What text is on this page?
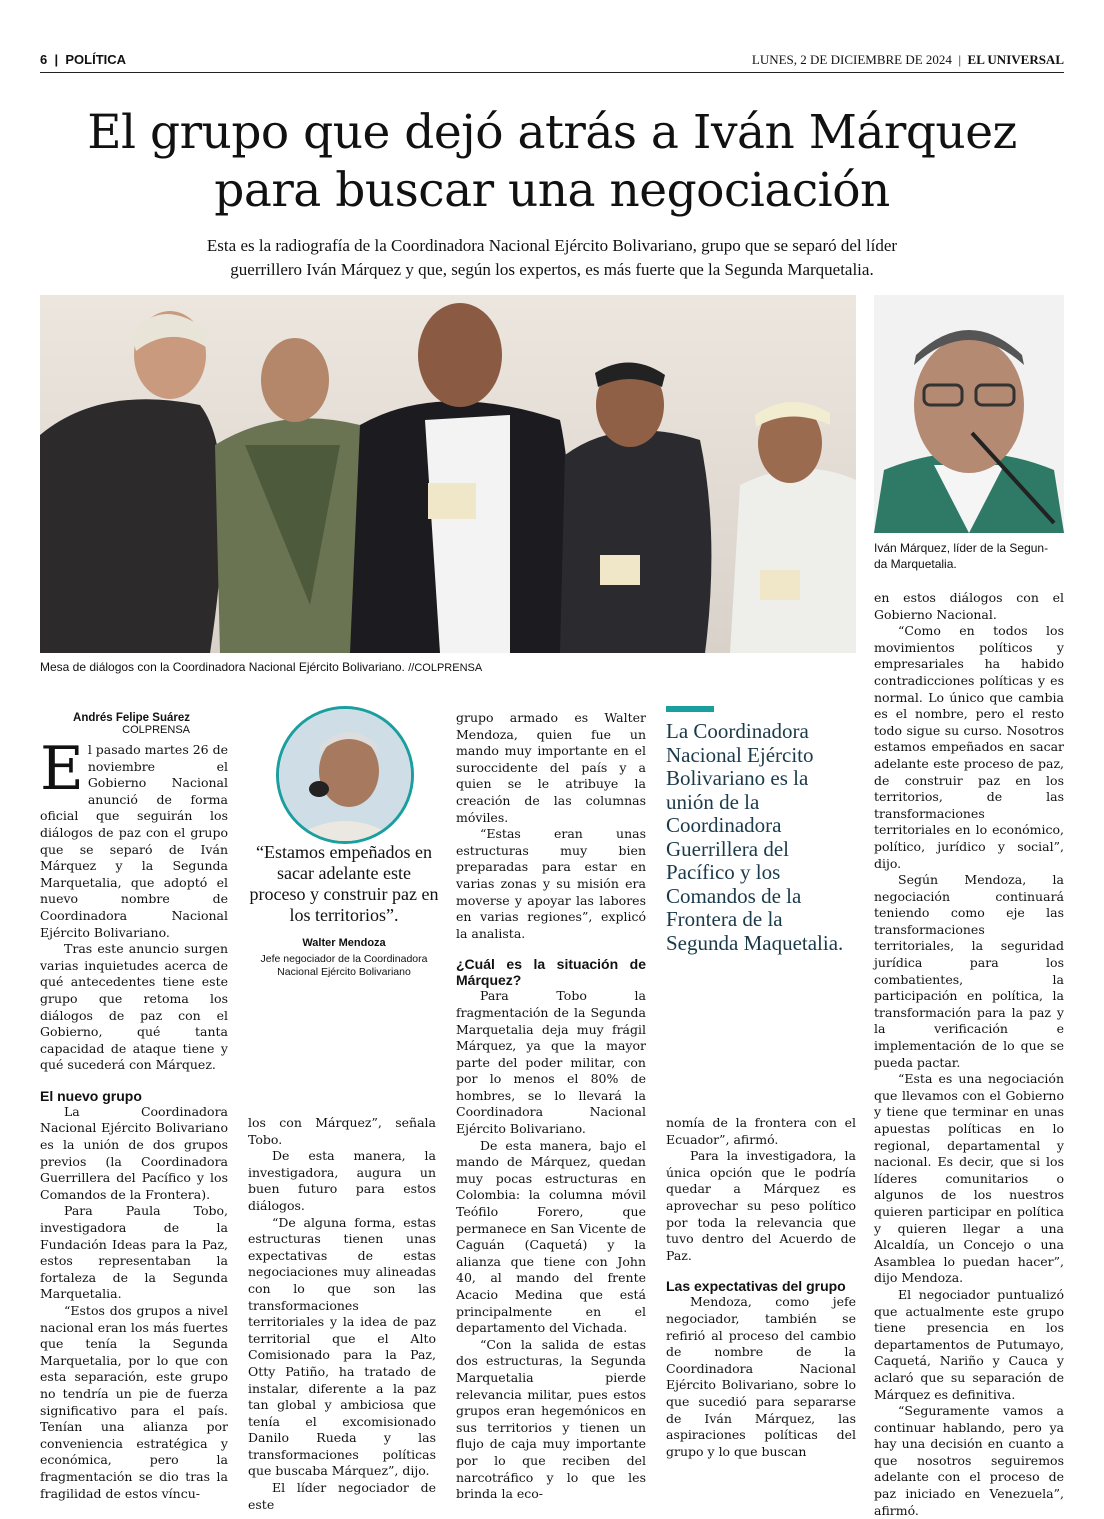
6  |  POLÍTICA	LUNES, 2 DE DICIEMBRE DE 2024  |  EL UNIVERSAL
El grupo que dejó atrás a Iván Márquez
para buscar una negociación
Esta es la radiografía de la Coordinadora Nacional Ejército Bolivariano, grupo que se separó del líder
guerrillero Iván Márquez y que, según los expertos, es más fuerte que la Segunda Marquetalia.
Mesa de diálogos con la Coordinadora Nacional Ejército Bolivariano. //COLPRENSA
Iván Márquez, líder de la Segun-
da Marquetalia.
Andrés Felipe Suárez
COLPRENSA

El pasado martes 26 de noviembre el Gobierno Nacional anunció de forma oficial que seguirán los diálogos de paz con el grupo que se separó de Iván Márquez y la Segunda Marquetalia, que adoptó el nuevo nombre de Coordinadora Nacional Ejército Bolivariano.

Tras este anuncio surgen varias inquietudes acerca de qué antecedentes tiene este grupo que retoma los diálogos de paz con el Gobierno, qué tanta capacidad de ataque tiene y qué sucederá con Márquez.

El nuevo grupo

La Coordinadora Nacional Ejército Bolivariano es la unión de dos grupos previos (la Coordinadora Guerrillera del Pacífico y los Comandos de la Frontera).

Para Paula Tobo, investigadora de la Fundación Ideas para la Paz, estos representaban la fortaleza de la Segunda Marquetalia.

“Estos dos grupos a nivel nacional eran los más fuertes que tenía la Segunda Marquetalia, por lo que con esta separación, este grupo no tendría un pie de fuerza significativo para el país. Tenían una alianza por conveniencia estratégica y económica, pero la fragmentación se dio tras la fragilidad de estos víncu-

“Estamos empeñados en sacar adelante este proceso y construir paz en los territorios”.
Walter Mendoza
Jefe negociador de la Coordinadora
Nacional Ejército Bolivariano

los con Márquez”, señala Tobo.

De esta manera, la investigadora, augura un buen futuro para estos diálogos.

“De alguna forma, estas estructuras tienen unas expectativas de estas negociaciones muy alineadas con lo que son las transformaciones territoriales y la idea de paz territorial que el Alto Comisionado para la Paz, Otty Patiño, ha tratado de instalar, diferente a la paz tan global y ambiciosa que tenía el excomisionado Danilo Rueda y las transformaciones políticas que buscaba Márquez”, dijo.

El líder negociador de este

grupo armado es Walter Mendoza, quien fue un mando muy importante en el suroccidente del país y a quien se le atribuye la creación de las columnas móviles.

“Estas eran unas estructuras muy bien preparadas para estar en varias zonas y su misión era moverse y apoyar las labores en varias regiones”, explicó la analista.

¿Cuál es la situación de Márquez?

Para Tobo la fragmentación de la Segunda Marquetalia deja muy frágil Márquez, ya que la mayor parte del poder militar, con por lo menos el 80% de hombres, se lo llevará la Coordinadora Nacional Ejército Bolivariano.

De esta manera, bajo el mando de Márquez, quedan muy pocas estructuras en Colombia: la columna móvil Teófilo Forero, que permanece en San Vicente de Caguán (Caquetá) y la alianza que tiene con John 40, al mando del frente Acacio Medina que está principalmente en el departamento del Vichada.

“Con la salida de estas dos estructuras, la Segunda Marquetalia pierde relevancia militar, pues estos grupos eran hegemónicos en sus territorios y tienen un flujo de caja muy importante por lo que reciben del narcotráfico y lo que les brinda la eco-

La Coordinadora Nacional Ejército Bolivariano es la unión de la Coordinadora Guerrillera del Pacífico y los Comandos de la Frontera de la Segunda Maquetalia.

nomía de la frontera con el Ecuador”, afirmó.

Para la investigadora, la única opción que le podría quedar a Márquez es aprovechar su peso político por toda la relevancia que tuvo dentro del Acuerdo de Paz.

Las expectativas del grupo

Mendoza, como jefe negociador, también se refirió al proceso del cambio de nombre de la Coordinadora Nacional Ejército Bolivariano, sobre lo que sucedió para separarse de Iván Márquez, las aspiraciones políticas del grupo y lo que buscan

en estos diálogos con el Gobierno Nacional.

“Como en todos los movimientos políticos y empresariales ha habido contradicciones políticas y es normal. Lo único que cambia es el nombre, pero el resto todo sigue su curso. Nosotros estamos empeñados en sacar adelante este proceso de paz, de construir paz en los territorios, de las transformaciones territoriales en lo económico, político, jurídico y social”, dijo.

Según Mendoza, la negociación continuará teniendo como eje las transformaciones territoriales, la seguridad jurídica para los combatientes, la participación en política, la transformación para la paz y la verificación e implementación de lo que se pueda pactar.

“Esta es una negociación que llevamos con el Gobierno y tiene que terminar en unas apuestas políticas en lo regional, departamental y nacional. Es decir, que si los líderes comunitarios o algunos de los nuestros quieren participar en política y quieren llegar a una Alcaldía, un Concejo o una Asamblea lo puedan hacer”, dijo Mendoza.

El negociador puntualizó que actualmente este grupo tiene presencia en los departamentos de Putumayo, Caquetá, Nariño y Cauca y aclaró que su separación de Márquez es definitiva.

“Seguramente vamos a continuar hablando, pero ya hay una decisión en cuanto a que nosotros seguiremos adelante con el proceso de paz iniciado en Venezuela”, afirmó.
